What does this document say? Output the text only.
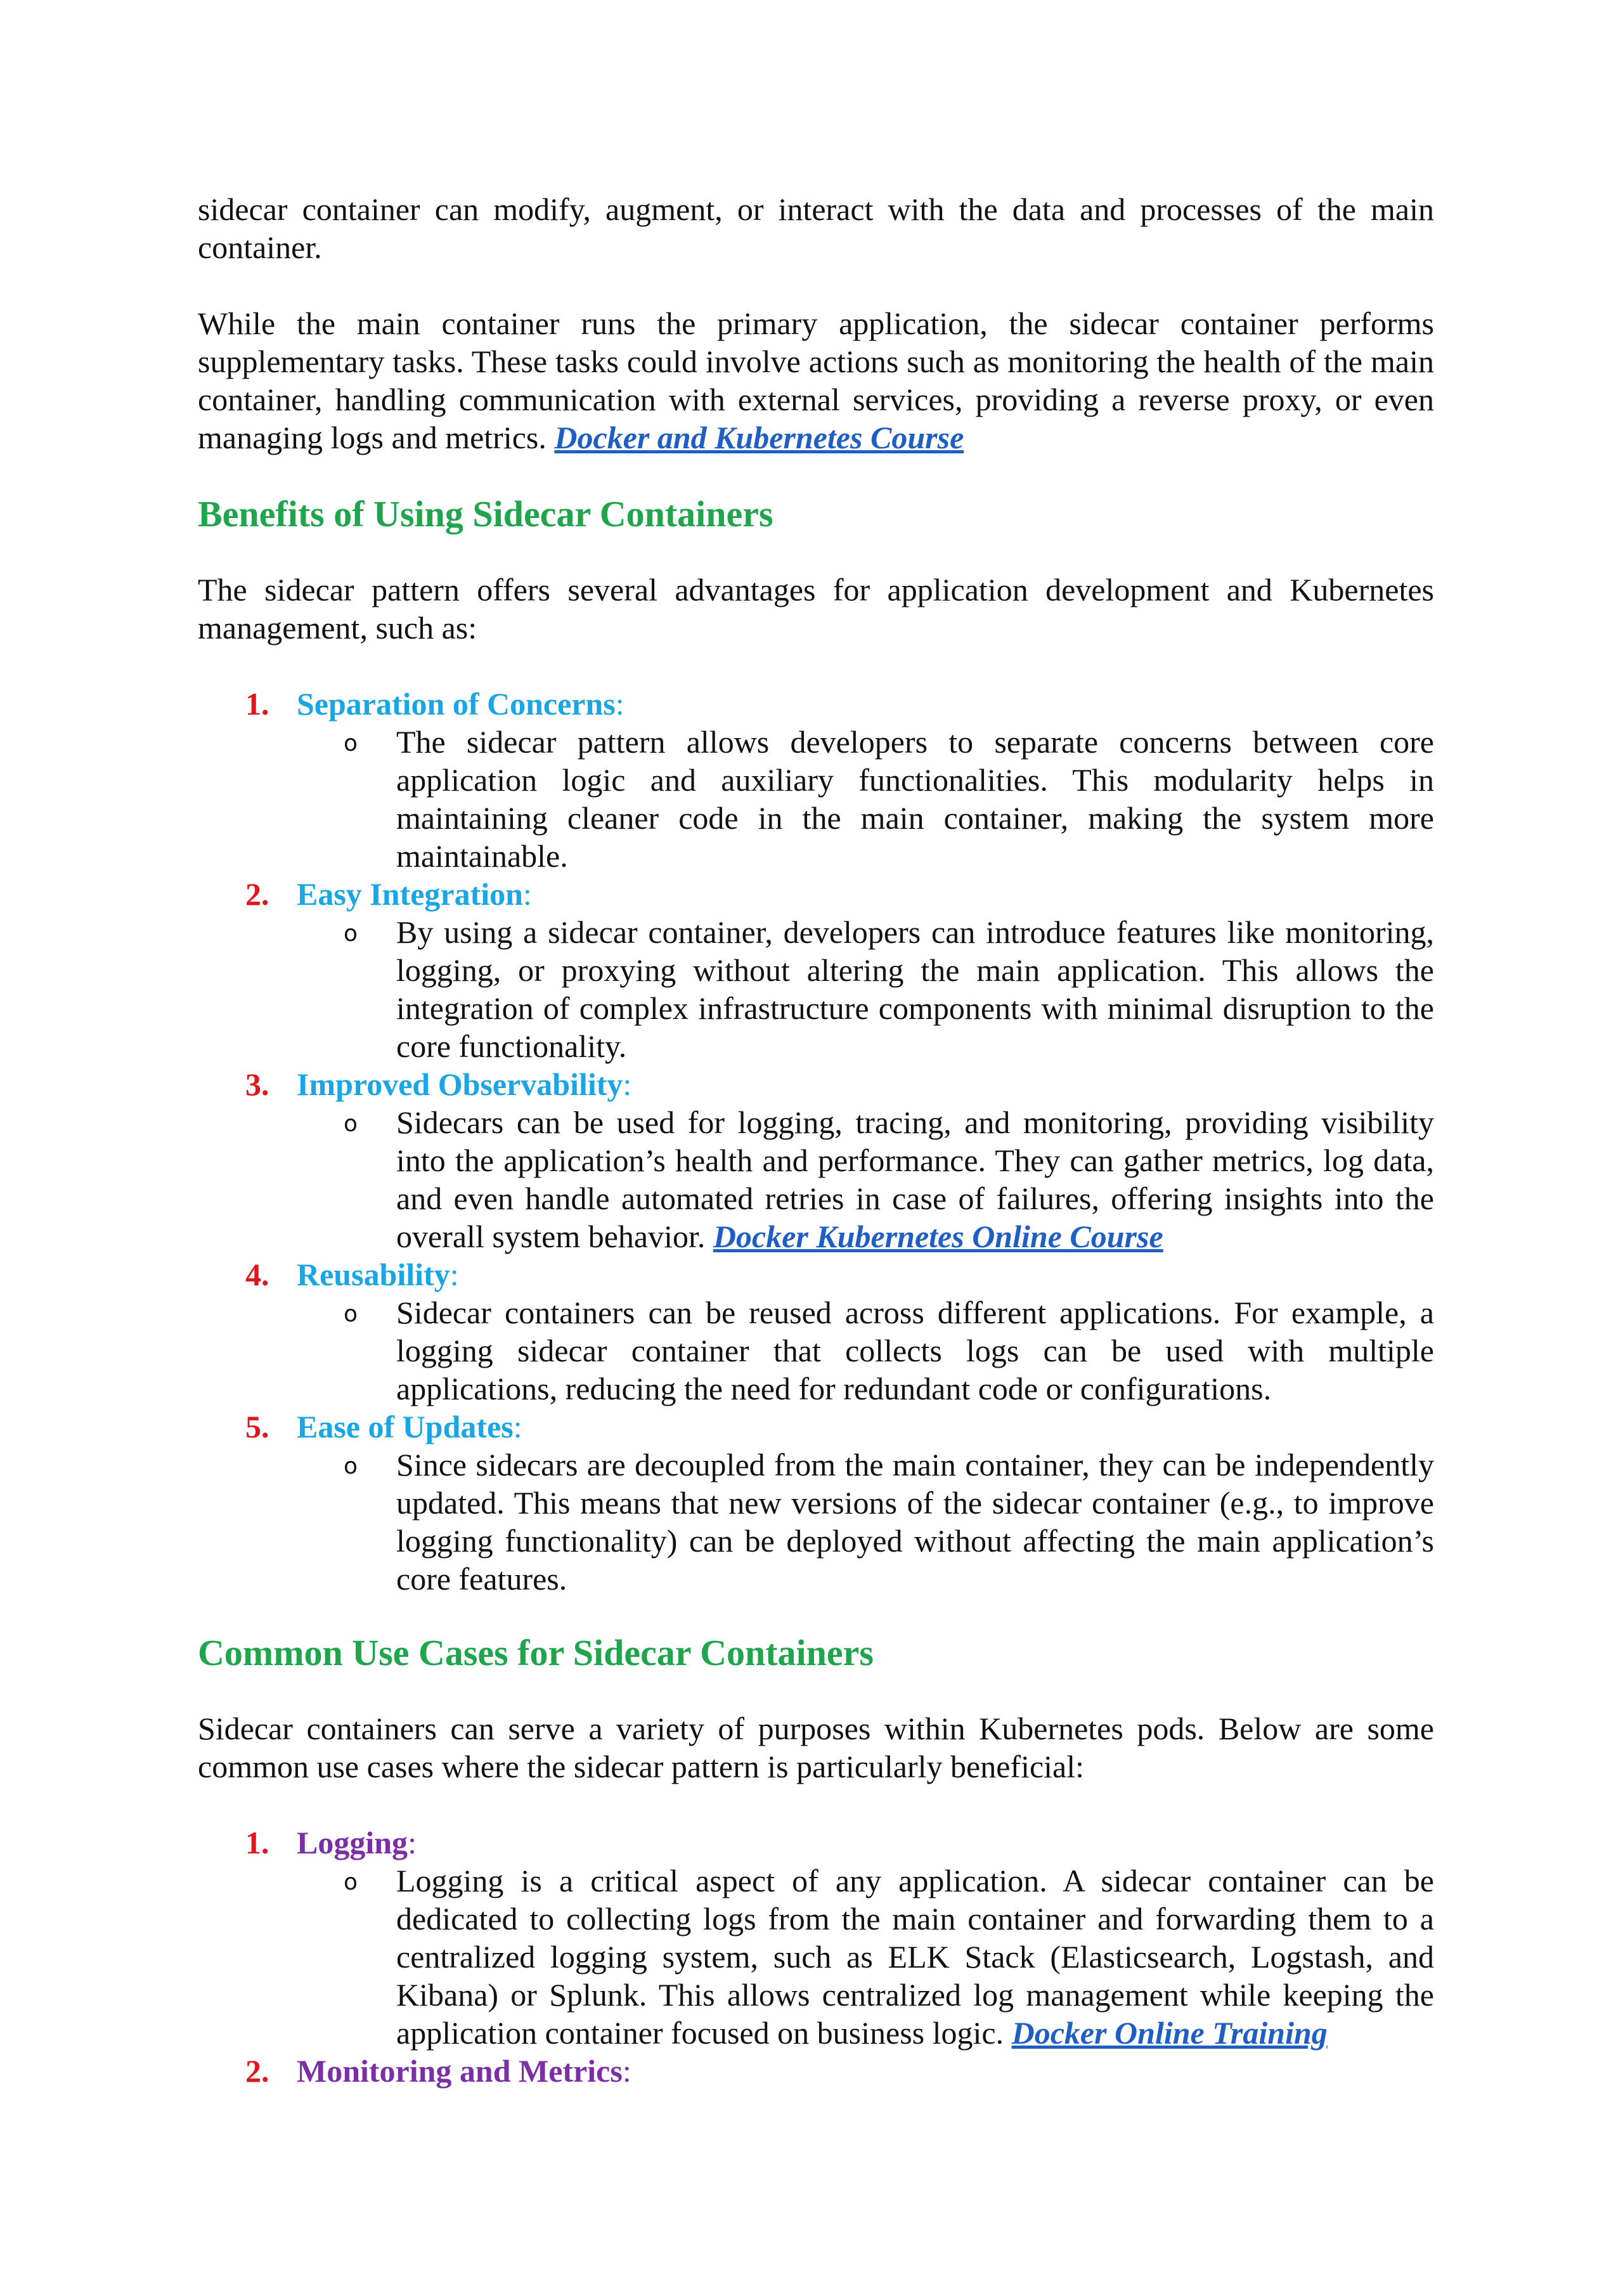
sidecar container can modify, augment, or interact with the data and processes of the main container.

While the main container runs the primary application, the sidecar container performs supplementary tasks. These tasks could involve actions such as monitoring the health of the main container, handling communication with external services, providing a reverse proxy, or even managing logs and metrics. Docker and Kubernetes Course

Benefits of Using Sidecar Containers

The sidecar pattern offers several advantages for application development and Kubernetes management, such as:

1. Separation of Concerns:
o The sidecar pattern allows developers to separate concerns between core application logic and auxiliary functionalities. This modularity helps in maintaining cleaner code in the main container, making the system more maintainable.
2. Easy Integration:
o By using a sidecar container, developers can introduce features like monitoring, logging, or proxying without altering the main application. This allows the integration of complex infrastructure components with minimal disruption to the core functionality.
3. Improved Observability:
o Sidecars can be used for logging, tracing, and monitoring, providing visibility into the application’s health and performance. They can gather metrics, log data, and even handle automated retries in case of failures, offering insights into the overall system behavior. Docker Kubernetes Online Course
4. Reusability:
o Sidecar containers can be reused across different applications. For example, a logging sidecar container that collects logs can be used with multiple applications, reducing the need for redundant code or configurations.
5. Ease of Updates:
o Since sidecars are decoupled from the main container, they can be independently updated. This means that new versions of the sidecar container (e.g., to improve logging functionality) can be deployed without affecting the main application’s core features.
Common Use Cases for Sidecar Containers

Sidecar containers can serve a variety of purposes within Kubernetes pods. Below are some common use cases where the sidecar pattern is particularly beneficial:

1. Logging:
o Logging is a critical aspect of any application. A sidecar container can be dedicated to collecting logs from the main container and forwarding them to a centralized logging system, such as ELK Stack (Elasticsearch, Logstash, and Kibana) or Splunk. This allows centralized log management while keeping the application container focused on business logic. Docker Online Training
2. Monitoring and Metrics:
